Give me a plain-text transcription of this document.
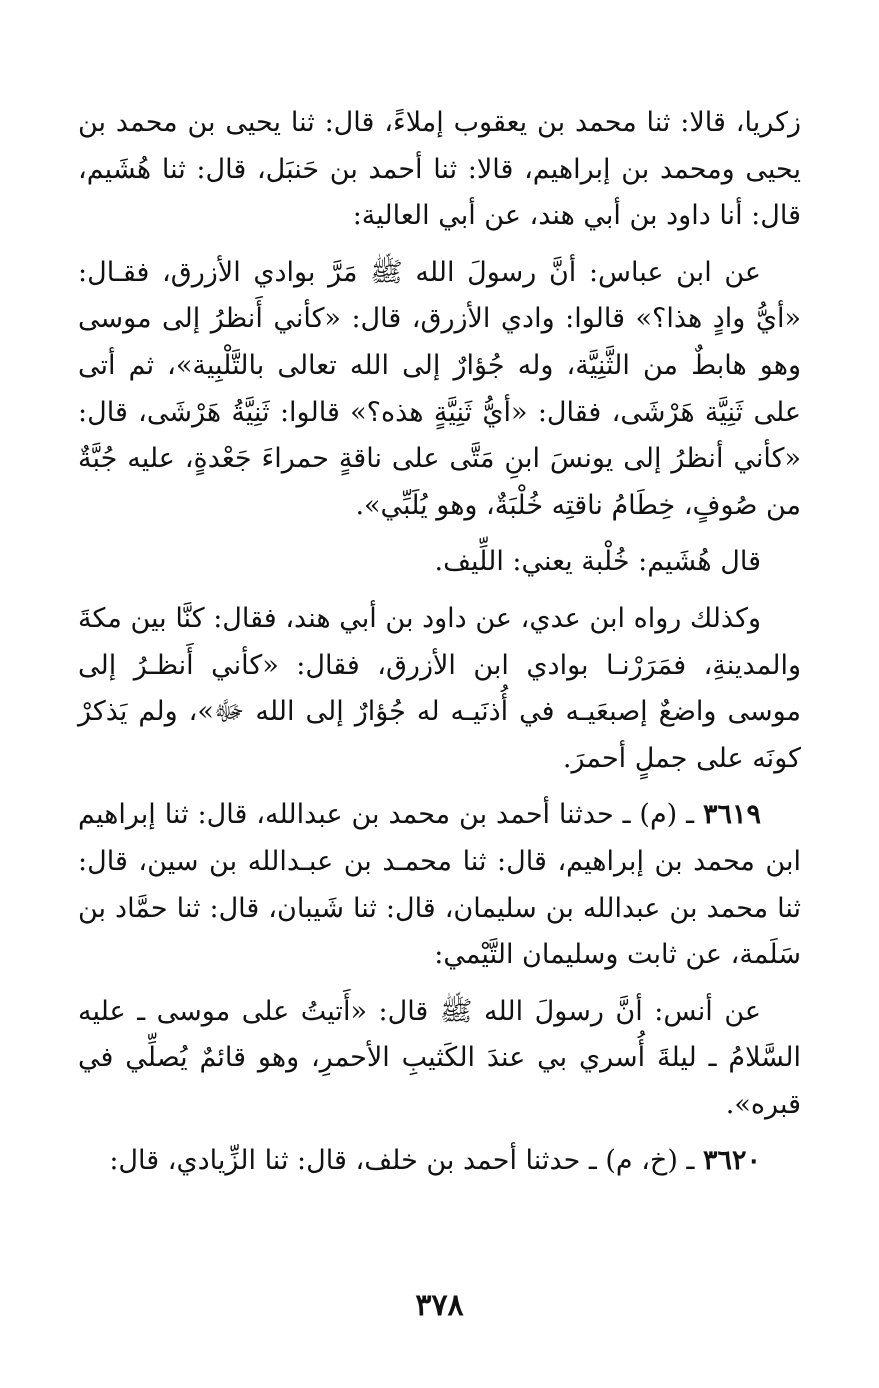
زكريا، قالا: ثنا محمد بن يعقوب إملاءً، قال: ثنا يحيى بن محمد بن يحيى ومحمد بن إبراهيم، قالا: ثنا أحمد بن حَنبَل، قال: ثنا هُشَيم، قال: أنا داود بن أبي هند، عن أبي العالية:

عن ابن عباس: أنَّ رسولَ الله ﷺ مَرَّ بوادي الأزرق، فقـال: «أيُّ وادٍ هذا؟» قالوا: وادي الأزرق، قال: «كأني أَنظرُ إلى موسى وهو هابطٌ من الثَّنِيَّة، وله جُؤارٌ إلى الله تعالى بالتَّلْبِية»، ثم أتى على ثَنِيَّة هَرْشَى، فقال: «أيُّ ثَنِيَّةٍ هذه؟» قالوا: ثَنِيَّةُ هَرْشَى، قال: «كأني أنظرُ إلى يونسَ ابنِ مَتَّى على ناقةٍ حمراءَ جَعْدةٍ، عليه جُبَّةٌ من صُوفٍ، خِطَامُ ناقتِه خُلْبَةٌ، وهو يُلَبِّي».

قال هُشَيم: خُلْبة يعني: اللِّيف.

وكذلك رواه ابن عدي، عن داود بن أبي هند، فقال: كنَّا بين مكةَ والمدينةِ، فمَرَرْنـا بوادي ابن الأزرق، فقال: «كأني أَنظـرُ إلى موسى واضعٌ إصبعَيـه في أُذنَيـه له جُؤارٌ إلى الله ﷻ»، ولم يَذكرْ كونَه على جملٍ أحمرَ.

٣٦١٩ ـ (م) ـ حدثنا أحمد بن محمد بن عبدالله، قال: ثنا إبراهيم ابن محمد بن إبراهيم، قال: ثنا محمـد بن عبـدالله بن سين، قال: ثنا محمد بن عبدالله بن سليمان، قال: ثنا شَيبان، قال: ثنا حمَّاد بن سَلَمة، عن ثابت وسليمان التَّيْمي:

عن أنس: أنَّ رسولَ الله ﷺ قال: «أَتيتُ على موسى ـ عليه السَّلامُ ـ ليلةَ أُسري بي عندَ الكَثيبِ الأحمرِ، وهو قائمٌ يُصلِّي في قبره».

٣٦٢٠ ـ (خ، م) ـ حدثنا أحمد بن خلف، قال: ثنا الزِّيادي، قال:

٣٧٨
